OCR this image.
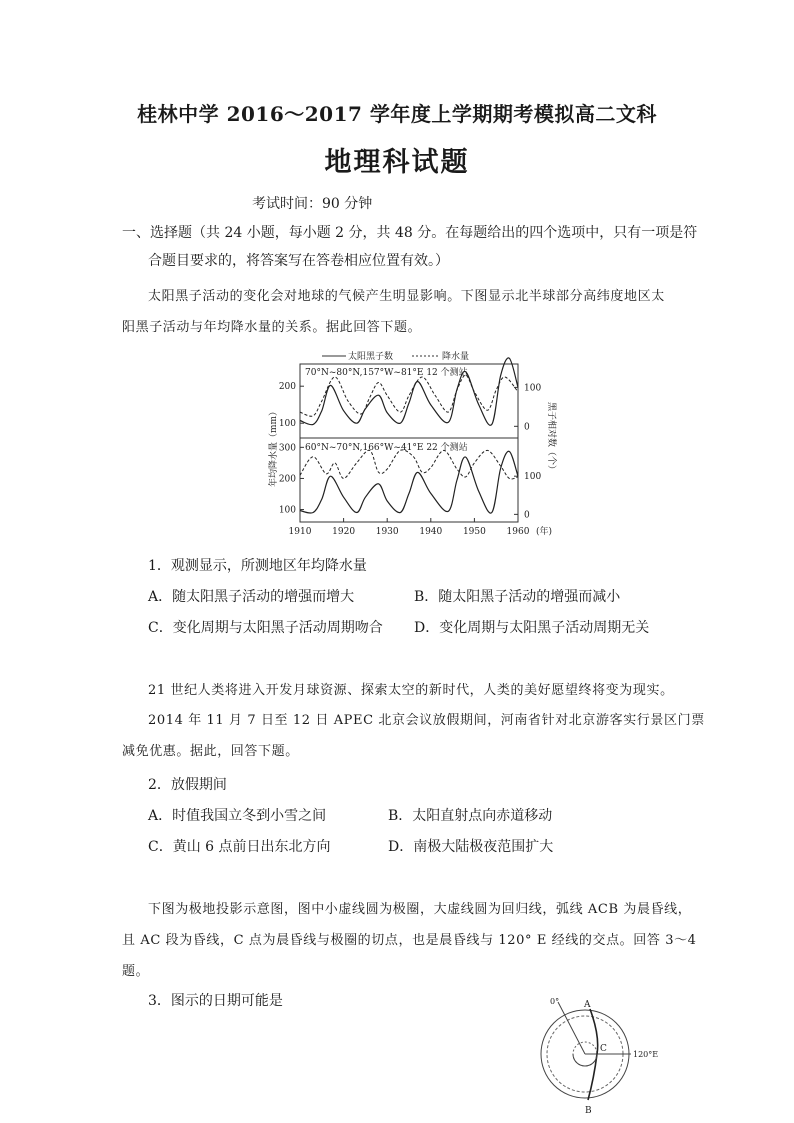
桂林中学 2016～2017 学年度上学期期考模拟高二文科
地理科试题
考试时间：90 分钟
一、选择题（共 24 小题，每小题 2 分，共 48 分。在每题给出的四个选项中，只有一项是符
合题目要求的，将答案写在答卷相应位置有效。）
太阳黑子活动的变化会对地球的气候产生明显影响。下图显示北半球部分高纬度地区太
阳黑子活动与年均降水量的关系。据此回答下题。
200
100
100
0
300
200
100
100
0
1910 1920 1930 1940 1950 1960
太阳黑子数	降水量
70°N~80°N,157°W~81°E 12 个测站
60°N~70°N,166°W~41°E 22 个测站
年均降水量（mm）	黑子相对数（个）
(年)
1．观测显示，所测地区年均降水量
A．随太阳黑子活动的增强而增大	B．随太阳黑子活动的增强而减小
C．变化周期与太阳黑子活动周期吻合 D．变化周期与太阳黑子活动周期无关
21 世纪人类将进入开发月球资源、探索太空的新时代，人类的美好愿望终将变为现实。
2014 年 11 月 7 日至 12 日 APEC 北京会议放假期间，河南省针对北京游客实行景区门票
减免优惠。据此，回答下题。
2．放假期间
A．时值我国立冬到小雪之间	B．太阳直射点向赤道移动
C．黄山 6 点前日出东北方向	D．南极大陆极夜范围扩大
下图为极地投影示意图，图中小虚线圆为极圈，大虚线圆为回归线，弧线 ACB 为晨昏线，
且 AC 段为昏线，C 点为晨昏线与极圈的切点，也是晨昏线与 120° E 经线的交点。回答 3～4
题。
3．图示的日期可能是	0°	A
B
C
120°E
